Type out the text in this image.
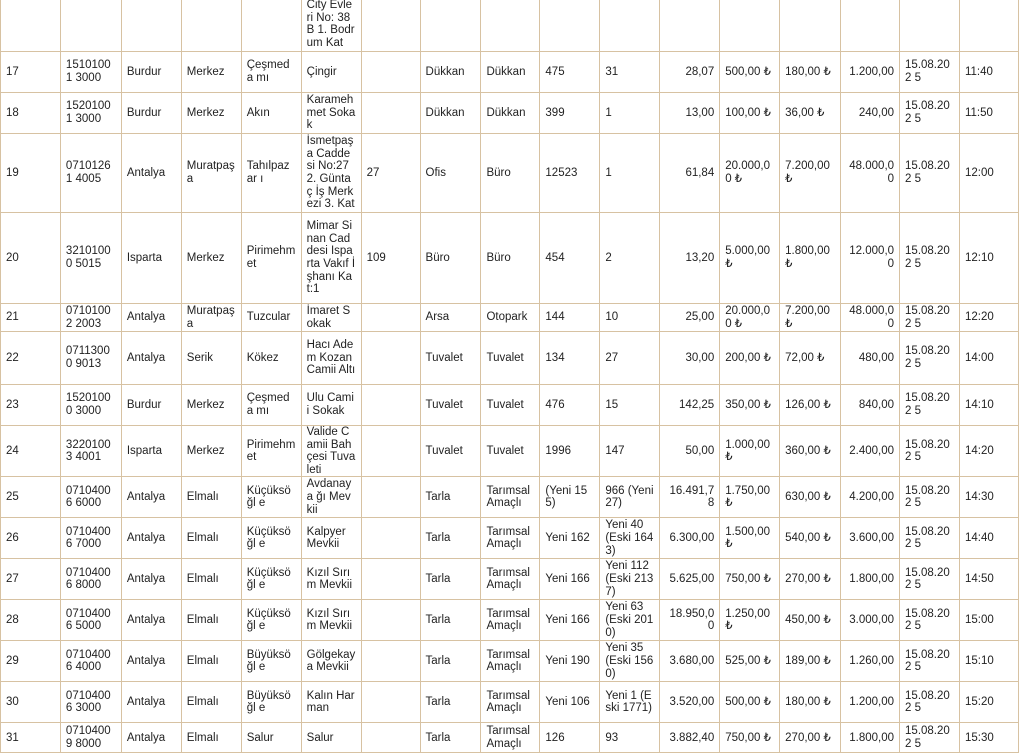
					City Evleri No: 38B 1. Bodrum Kat											
17	15101001 3000	Burdur	Merkez	Çeşmeda mı	Çingir		Dükkan	Dükkan	475	31	28,07	500,00 ₺	180,00 ₺	1.200,00	15.08.202 5	11:40
18	15201001 3000	Burdur	Merkez	Akın	Karameh met Sokak		Dükkan	Dükkan	399	1	13,00	100,00 ₺	36,00 ₺	240,00	15.08.202 5	11:50
19	07101261 4005	Antalya	Muratpaşa	Tahılpazar ı	İsmetpaşa Caddesi No:27 2. Güntaç İş Merkezi 3. Kat	27	Ofis	Büro	12523	1	61,84	20.000,00 ₺	7.200,00 ₺	48.000,00	15.08.202 5	12:00
20	32101000 5015	Isparta	Merkez	Pirimehm et	Mimar Sinan Caddesi Isparta Vakıf İşhanı Kat:1	109	Büro	Büro	454	2	13,20	5.000,00 ₺	1.800,00 ₺	12.000,00	15.08.202 5	12:10
21	07101002 2003	Antalya	Muratpaşa	Tuzcular	İmaret Sokak		Arsa	Otopark	144	10	25,00	20.000,00 ₺	7.200,00 ₺	48.000,00	15.08.202 5	12:20
22	07113000 9013	Antalya	Serik	Kökez	Hacı Adem Kozan Camii Altı		Tuvalet	Tuvalet	134	27	30,00	200,00 ₺	72,00 ₺	480,00	15.08.202 5	14:00
23	15201000 3000	Burdur	Merkez	Çeşmeda mı	Ulu Camii Sokak		Tuvalet	Tuvalet	476	15	142,25	350,00 ₺	126,00 ₺	840,00	15.08.202 5	14:10
24	32201003 4001	Isparta	Merkez	Pirimehm et	Valide Camii Bahçesi Tuvaleti		Tuvalet	Tuvalet	1996	147	50,00	1.000,00 ₺	360,00 ₺	2.400,00	15.08.202 5	14:20
25	07104006 6000	Antalya	Elmalı	Küçüksöğl e	Avdanaya ğı Mevkii		Tarla	Tarımsal Amaçlı	(Yeni 155)	966 (Yeni 27)	16.491,78	1.750,00 ₺	630,00 ₺	4.200,00	15.08.202 5	14:30
26	07104006 7000	Antalya	Elmalı	Küçüksöğl e	Kalpyer Mevkii		Tarla	Tarımsal Amaçlı	Yeni 162	Yeni 40 (Eski 1643)	6.300,00	1.500,00 ₺	540,00 ₺	3.600,00	15.08.202 5	14:40
27	07104006 8000	Antalya	Elmalı	Küçüksöğl e	Kızıl Sırım Mevkii		Tarla	Tarımsal Amaçlı	Yeni 166	Yeni 112 (Eski 2137)	5.625,00	750,00 ₺	270,00 ₺	1.800,00	15.08.202 5	14:50
28	07104006 5000	Antalya	Elmalı	Küçüksöğl e	Kızıl Sırım Mevkii		Tarla	Tarımsal Amaçlı	Yeni 166	Yeni 63 (Eski 2010)	18.950,00	1.250,00 ₺	450,00 ₺	3.000,00	15.08.202 5	15:00
29	07104006 4000	Antalya	Elmalı	Büyüksöğl e	Gölgekay a Mevkii		Tarla	Tarımsal Amaçlı	Yeni 190	Yeni 35 (Eski 1560)	3.680,00	525,00 ₺	189,00 ₺	1.260,00	15.08.202 5	15:10
30	07104006 3000	Antalya	Elmalı	Büyüksöğl e	Kalın Harman		Tarla	Tarımsal Amaçlı	Yeni 106	Yeni 1 (Eski 1771)	3.520,00	500,00 ₺	180,00 ₺	1.200,00	15.08.202 5	15:20
31	07104009 8000	Antalya	Elmalı	Salur	Salur		Tarla	Tarımsal Amaçlı	126	93	3.882,40	750,00 ₺	270,00 ₺	1.800,00	15.08.202 5	15:30
